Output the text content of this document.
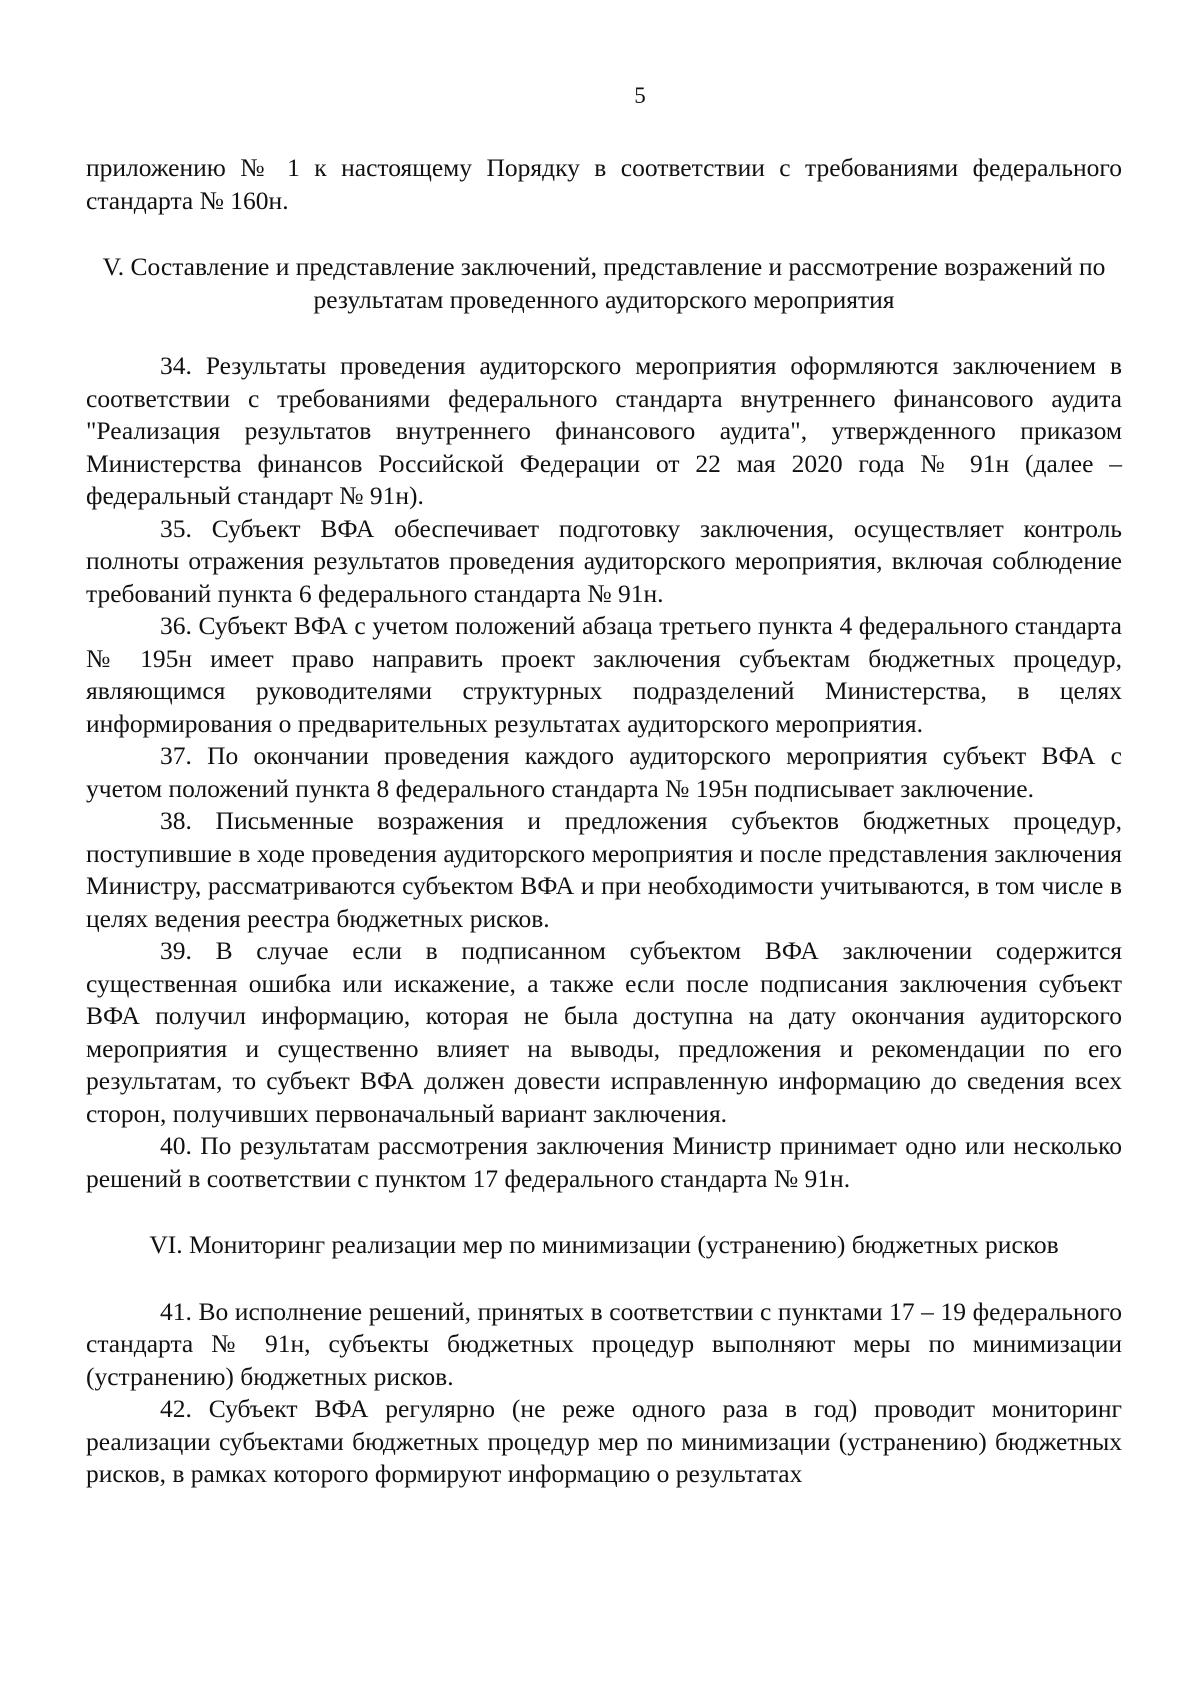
5

приложению № 1 к настоящему Порядку в соответствии с требованиями федерального стандарта № 160н.

V. Составление и представление заключений, представление и рассмотрение возражений по результатам проведенного аудиторского мероприятия

34. Результаты проведения аудиторского мероприятия оформляются заключением в соответствии с требованиями федерального стандарта внутреннего финансового аудита "Реализация результатов внутреннего финансового аудита", утвержденного приказом Министерства финансов Российской Федерации от 22 мая 2020 года № 91н (далее – федеральный стандарт № 91н).

35. Субъект ВФА обеспечивает подготовку заключения, осуществляет контроль полноты отражения результатов проведения аудиторского мероприятия, включая соблюдение требований пункта 6 федерального стандарта № 91н.

36. Субъект ВФА с учетом положений абзаца третьего пункта 4 федерального стандарта № 195н имеет право направить проект заключения субъектам бюджетных процедур, являющимся руководителями структурных подразделений Министерства, в целях информирования о предварительных результатах аудиторского мероприятия.

37. По окончании проведения каждого аудиторского мероприятия субъект ВФА с учетом положений пункта 8 федерального стандарта № 195н подписывает заключение.

38. Письменные возражения и предложения субъектов бюджетных процедур, поступившие в ходе проведения аудиторского мероприятия и после представления заключения Министру, рассматриваются субъектом ВФА и при необходимости учитываются, в том числе в целях ведения реестра бюджетных рисков.

39. В случае если в подписанном субъектом ВФА заключении содержится существенная ошибка или искажение, а также если после подписания заключения субъект ВФА получил информацию, которая не была доступна на дату окончания аудиторского мероприятия и существенно влияет на выводы, предложения и рекомендации по его результатам, то субъект ВФА должен довести исправленную информацию до сведения всех сторон, получивших первоначальный вариант заключения.

40. По результатам рассмотрения заключения Министр принимает одно или несколько решений в соответствии с пунктом 17 федерального стандарта № 91н.

VI. Мониторинг реализации мер по минимизации (устранению) бюджетных рисков

41. Во исполнение решений, принятых в соответствии с пунктами 17 – 19 федерального стандарта № 91н, субъекты бюджетных процедур выполняют меры по минимизации (устранению) бюджетных рисков.

42. Субъект ВФА регулярно (не реже одного раза в год) проводит мониторинг реализации субъектами бюджетных процедур мер по минимизации (устранению) бюджетных рисков, в рамках которого формируют информацию о результатах
